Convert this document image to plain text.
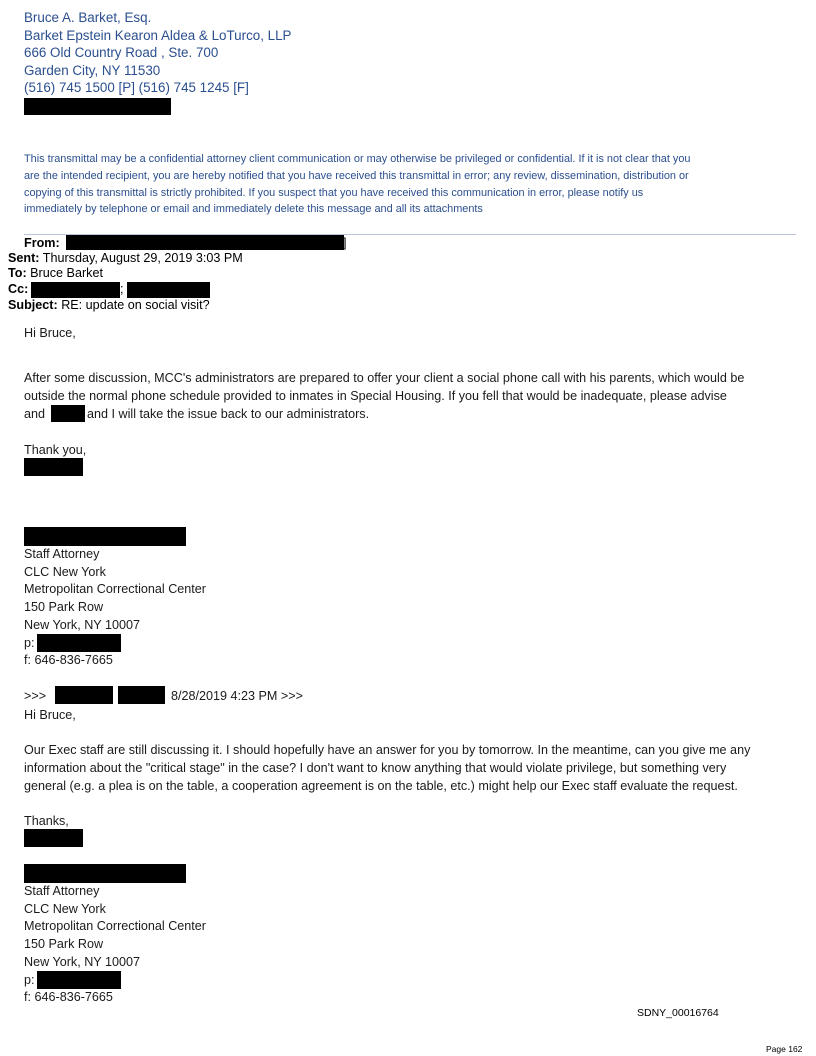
Bruce A. Barket, Esq.
Barket Epstein Kearon Aldea & LoTurco, LLP
666 Old Country Road , Ste. 700
Garden City, NY 11530
(516) 745 1500 [P] (516) 745 1245 [F]
This transmittal may be a confidential attorney client communication or may otherwise be privileged or confidential. If it is not clear that you
are the intended recipient, you are hereby notified that you have received this transmittal in error; any review, dissemination, distribution or
copying of this transmittal is strictly prohibited. If you suspect that you have received this communication in error, please notify us
immediately by telephone or email and immediately delete this message and all its attachments
From:	]
Sent: Thursday, August 29, 2019 3:03 PM
To: Bruce Barket
Cc:	;
Subject: RE: update on social visit?
Hi Bruce,
After some discussion, MCC's administrators are prepared to offer your client a social phone call with his parents, which would be
outside the normal phone schedule provided to inmates in Special Housing. If you fell that would be inadequate, please advise
and	and I will take the issue back to our administrators.
Thank you,
Staff Attorney
CLC New York
Metropolitan Correctional Center
150 Park Row
New York, NY 10007
p:
f: 646-836-7665
>>>	8/28/2019 4:23 PM >>>
Hi Bruce,
Our Exec staff are still discussing it. I should hopefully have an answer for you by tomorrow. In the meantime, can you give me any
information about the "critical stage" in the case? I don't want to know anything that would violate privilege, but something very
general (e.g. a plea is on the table, a cooperation agreement is on the table, etc.) might help our Exec staff evaluate the request.
Thanks,
Staff Attorney
CLC New York
Metropolitan Correctional Center
150 Park Row
New York, NY 10007
p:
f: 646-836-7665
SDNY_00016764
Page 162
